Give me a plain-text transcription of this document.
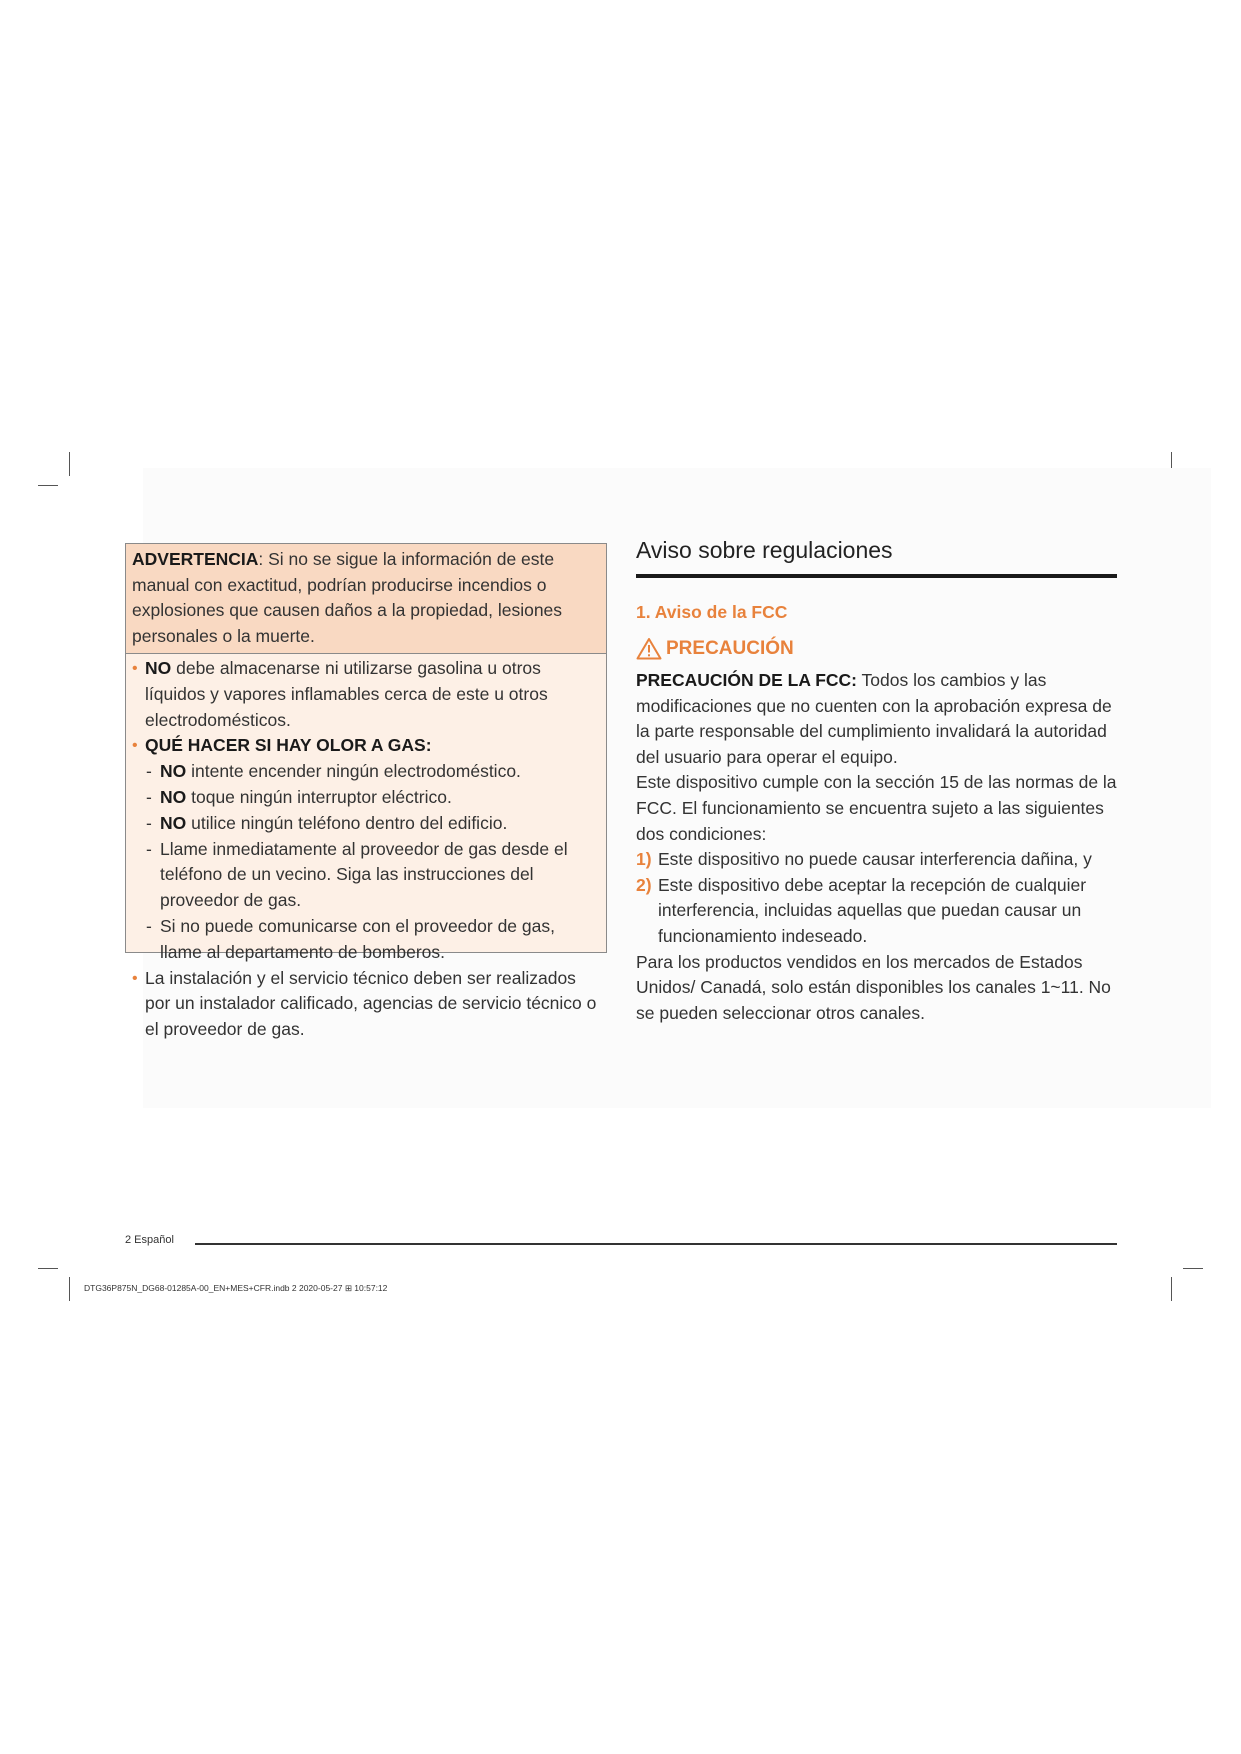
ADVERTENCIA: Si no se sigue la información de este manual con exactitud, podrían producirse incendios o explosiones que causen daños a la propiedad, lesiones personales o la muerte.
• NO debe almacenarse ni utilizarse gasolina u otros líquidos y vapores inflamables cerca de este u otros electrodomésticos.
• QUÉ HACER SI HAY OLOR A GAS:
- NO intente encender ningún electrodoméstico.
- NO toque ningún interruptor eléctrico.
- NO utilice ningún teléfono dentro del edificio.
- Llame inmediatamente al proveedor de gas desde el teléfono de un vecino. Siga las instrucciones del proveedor de gas.
- Si no puede comunicarse con el proveedor de gas, llame al departamento de bomberos.
• La instalación y el servicio técnico deben ser realizados por un instalador calificado, agencias de servicio técnico o el proveedor de gas.
Aviso sobre regulaciones
1. Aviso de la FCC
PRECAUCIÓN
PRECAUCIÓN DE LA FCC: Todos los cambios y las modificaciones que no cuenten con la aprobación expresa de la parte responsable del cumplimiento invalidará la autoridad del usuario para operar el equipo.
Este dispositivo cumple con la sección 15 de las normas de la FCC. El funcionamiento se encuentra sujeto a las siguientes dos condiciones:
1) Este dispositivo no puede causar interferencia dañina, y
2) Este dispositivo debe aceptar la recepción de cualquier interferencia, incluidas aquellas que puedan causar un funcionamiento indeseado.
Para los productos vendidos en los mercados de Estados Unidos/ Canadá, solo están disponibles los canales 1~11. No se pueden seleccionar otros canales.
2 Español
DTG36P875N_DG68-01285A-00_EN+MES+CFR.indb 2 2020-05-27 ⊞ 10:57:12
